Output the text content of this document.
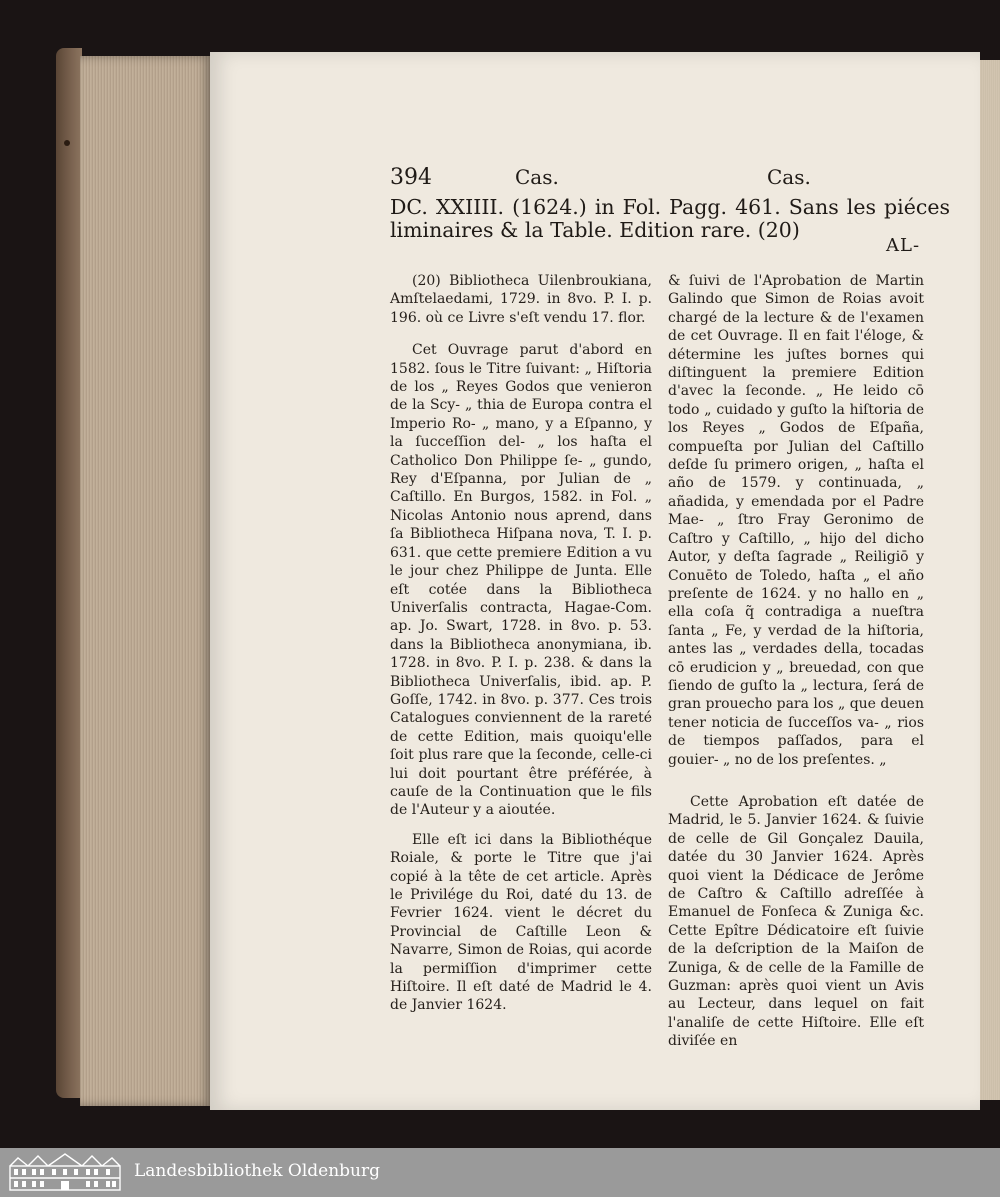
394	Cas.	Cas.
DC. XXIIII. (1624.) in Fol. Pagg. 461. Sans les piéces liminaires & la Table. Edition rare. (20)
AL-

(20) Bibliotheca Uilenbroukiana, Amſtelaedami, 1729. in 8vo. P. I. p. 196. où ce Livre s'eſt vendu 17. flor.

Cet Ouvrage parut d'abord en 1582. ſous le Titre ſuivant: „ Hiſtoria de los „ Reyes Godos que venieron de la Scy- „ thia de Europa contra el Imperio Ro- „ mano, y a Eſpanno, y la ſucceſſion del- „ los haſta el Catholico Don Philippe ſe- „ gundo, Rey d'Eſpanna, por Julian de „ Caſtillo. En Burgos, 1582. in Fol. „ Nicolas Antonio nous aprend, dans ſa Bibliotheca Hiſpana nova, T. I. p. 631. que cette premiere Edition a vu le jour chez Philippe de Junta. Elle eſt cotée dans la Bibliotheca Univerſalis contracta, Hagae-Com. ap. Jo. Swart, 1728. in 8vo. p. 53. dans la Bibliotheca anonymiana, ib. 1728. in 8vo. P. I. p. 238. & dans la Bibliotheca Univerſalis, ibid. ap. P. Goſſe, 1742. in 8vo. p. 377. Ces trois Catalogues conviennent de la rareté de cette Edition, mais quoiqu'elle ſoit plus rare que la ſeconde, celle-ci lui doit pourtant être préférée, à cauſe de la Continuation que le fils de l'Auteur y a aioutée.

Elle eſt ici dans la Bibliothéque Roiale, & porte le Titre que j'ai copié à la tête de cet article. Après le Privilége du Roi, daté du 13. de Fevrier 1624. vient le décret du Provincial de Caſtille Leon & Navarre, Simon de Roias, qui acorde la permiſſion d'imprimer cette Hiſtoire. Il eſt daté de Madrid le 4. de Janvier 1624.

& ſuivi de l'Aprobation de Martin Galindo que Simon de Roias avoit chargé de la lecture & de l'examen de cet Ouvrage. Il en fait l'éloge, & détermine les juſtes bornes qui diſtinguent la premiere Edition d'avec la ſeconde. „ He leido cō todo „ cuidado y guſto la hiſtoria de los Reyes „ Godos de Eſpaña, compueſta por Julian del Caſtillo deſde ſu primero origen, „ haſta el año de 1579. y continuada, „ añadida, y emendada por el Padre Mae- „ ſtro Fray Geronimo de Caſtro y Caſtillo, „ hijo del dicho Autor, y deſta ſagrade „ Reiligiō y Conuēto de Toledo, haſta „ el año preſente de 1624. y no hallo en „ ella coſa q̃ contradiga a nueſtra ſanta „ Fe, y verdad de la hiſtoria, antes las „ verdades della, tocadas cō erudicion y „ breuedad, con que ſiendo de guſto la „ lectura, ſerá de gran prouecho para los „ que deuen tener noticia de ſucceſſos va- „ rios de tiempos paſſados, para el gouier- „ no de los preſentes. „

Cette Aprobation eſt datée de Madrid, le 5. Janvier 1624. & ſuivie de celle de Gil Gonçalez Dauila, datée du 30 Janvier 1624. Après quoi vient la Dédicace de Jerôme de Caſtro & Caſtillo adreſſée à Emanuel de Fonſeca & Zuniga &c. Cette Epître Dédicatoire eſt ſuivie de la deſcription de la Maiſon de Zuniga, & de celle de la Famille de Guzman: après quoi vient un Avis au Lecteur, dans lequel on fait l'analiſe de cette Hiſtoire. Elle eſt diviſée en

Landesbibliothek Oldenburg
